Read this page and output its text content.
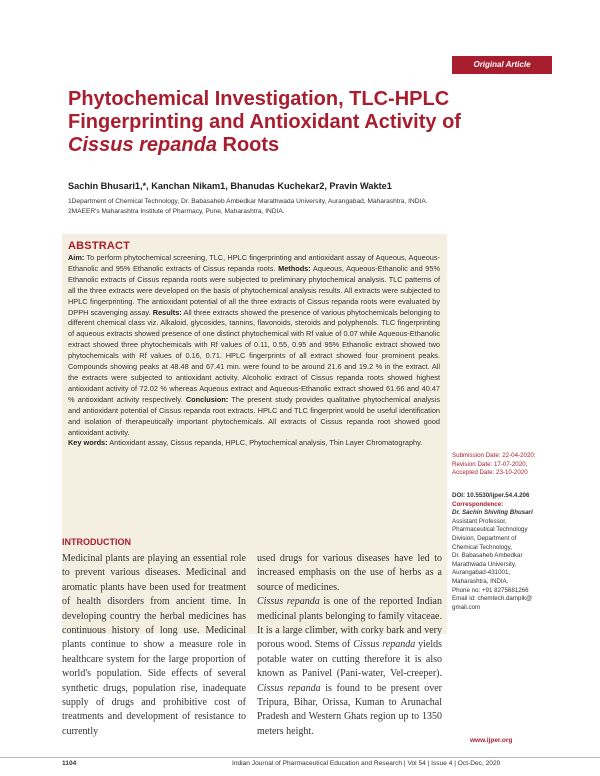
Original Article
Phytochemical Investigation, TLC-HPLC
Fingerprinting and Antioxidant Activity of
Cissus repanda Roots
Sachin Bhusari1,*, Kanchan Nikam1, Bhanudas Kuchekar2, Pravin Wakte1
1Department of Chemical Technology, Dr. Babasaheb Ambedkar Marathwada University, Aurangabad, Maharashtra, INDIA.
2MAEER's Maharashtra Institute of Pharmacy, Pune, Maharashtra, INDIA.
ABSTRACT
Aim: To perform phytochemical screening, TLC, HPLC fingerprinting and antioxidant assay of Aqueous, Aqueous-Ethanolic and 95% Ethanolic extracts of Cissus repanda roots. Methods: Aqueous, Aqueous-Ethanolic and 95% Ethanolic extracts of Cissus repanda roots were subjected to preliminary phytochemical analysis. TLC patterns of all the three extracts were developed on the basis of phytochemical analysis results. All extracts were subjected to HPLC fingerprinting. The antioxidant potential of all the three extracts of Cissus repanda roots were evaluated by DPPH scavenging assay. Results: All three extracts showed the presence of various phytochemicals belonging to different chemical class viz. Alkaloid, glycosides, tannins, flavonoids, steroids and polyphenols. TLC fingerprinting of aqueous extracts showed presence of one distinct phytochemical with Rf value of 0.07 while Aqueous-Ethanolic extract showed three phytochemicals with Rf values of 0.11, 0.55, 0.95 and 95% Ethanolic extract showed two phytochemicals with Rf values of 0.16, 0.71. HPLC fingerprints of all extract showed four prominent peaks. Compounds showing peaks at 48.48 and 67.41 min. were found to be around 21.6 and 19.2 % in the extract. All the extracts were subjected to antioxidant activity. Alcoholic extract of Cissus repanda roots showed highest antioxidant activity of 72.02 % whereas Aqueous extract and Aqueous-Ethanolic extract showed 61.66 and 40.47 % antioxidant activity respectively. Conclusion: The present study provides qualitative phytochemical analysis and antioxidant potential of Cissus repanda root extracts. HPLC and TLC fingerprint would be useful identification and isolation of therapeutically important phytochemicals. All extracts of Cissus repanda root showed good antioxidant activity.
Key words: Antioxidant assay, Cissus repanda, HPLC, Phytochemical analysis, Thin Layer Chromatography.
Submission Date: 22-04-2020;
Revision Date: 17-07-2020;
Accepted Date: 23-10-2020
DOI: 10.5530/ijper.54.4.206
Correspondence:
Dr. Sachin Shivling Bhusari
Assistant Professor,
Pharmaceutical Technology
Division, Department of
Chemical Technology,
Dr. Babasaheb Ambedkar
Marathwada University,
Aurangabad-431001,
Maharashtra, INDIA.
Phone no: +91 8275681266
Email id: chemtech.damplk@
gmail.com
INTRODUCTION
Medicinal plants are playing an essential role to prevent various diseases. Medicinal and aromatic plants have been used for treatment of health disorders from ancient time. In developing country the herbal medicines has continuous history of long use. Medicinal plants continue to show a measure role in healthcare system for the large proportion of world's population. Side effects of several synthetic drugs, population rise, inadequate supply of drugs and prohibitive cost of treatments and development of resistance to currently
used drugs for various diseases have led to increased emphasis on the use of herbs as a source of medicines.
Cissus repanda is one of the reported Indian medicinal plants belonging to family vitaceae. It is a large climber, with corky bark and very porous wood. Stems of Cissus repanda yields potable water on cutting therefore it is also known as Panivel (Pani-water, Vel-creeper). Cissus repanda is found to be present over Tripura, Bihar, Orissa, Kuman to Arunachal Pradesh and Western Ghats region up to 1350 meters height.
www.ijper.org
1104	Indian Journal of Pharmaceutical Education and Research | Vol 54 | Issue 4 | Oct-Dec, 2020
